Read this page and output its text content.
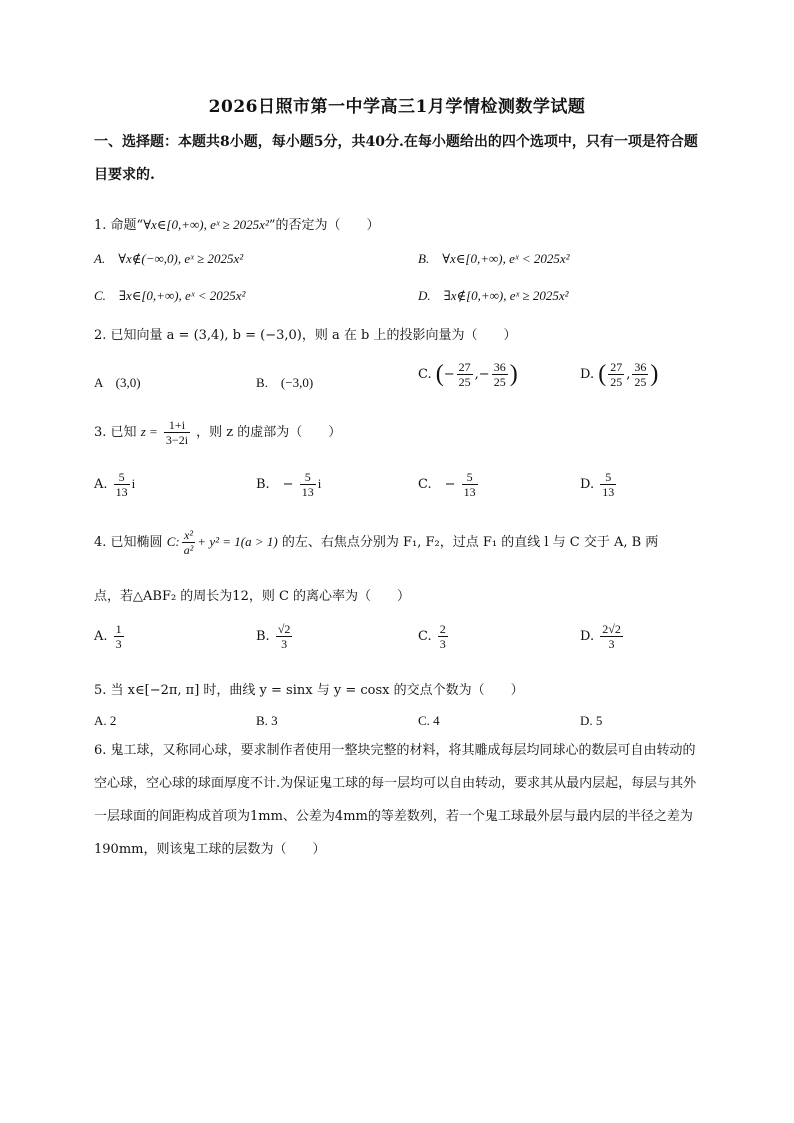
2026日照市第一中学高三1月学情检测数学试题
一、选择题：本题共8小题，每小题5分，共40分.在每小题给出的四个选项中，只有一项是符合题目要求的.
1. 命题“∀x∈[0,+∞), eˣ ≥ 2025x²”的否定为（　　）
A.　∀x∉(−∞,0), eˣ ≥ 2025x²	B.　∀x∈[0,+∞), eˣ < 2025x²
C.　∃x∈[0,+∞), eˣ < 2025x²	D.　∃x∉[0,+∞), eˣ ≥ 2025x²
2. 已知向量 a = (3,4), b = (−3,0)，则 a 在 b 上的投影向量为（　　）
A　(3,0)	B.　(−3,0)
C. (− $\frac{27}{25}$ ,− $\frac{36}{25}$ )	D. ( $\frac{27}{25}$ , $\frac{36}{25}$ )
3. 已知 $z = \frac{1+i}{3-2i}$ ，则 z 的虚部为（　　）
A. $\frac{5}{13}$ i	B.　− $\frac{5}{13}$ i	C.　− $\frac{5}{13}$	D. $\frac{5}{13}$
4. 已知椭圆 C: $\frac{\text{x²}}{\text{a²}} + y^2 = 1(a > 1)$ 的左、右焦点分别为 F₁, F₂，过点 F₁ 的直线 l 与 C 交于 A, B 两
点，若△ABF₂ 的周长为12，则 C 的离心率为（　　）
A. $\frac{1}{3}$	B. $\frac{√2}{3}$	C. $\frac{2}{3}$	D. $\frac{2√2}{3}$
5. 当 x∈[−2π, π] 时，曲线 y = sinx 与 y = cosx 的交点个数为（　　）
A. 2	B. 3	C. 4	D. 5
6. 鬼工球，又称同心球，要求制作者使用一整块完整的材料，将其雕成每层均同球心的数层可自由转动的空心球，空心球的球面厚度不计.为保证鬼工球的每一层均可以自由转动，要求其从最内层起，每层与其外一层球面的间距构成首项为1mm、公差为4mm的等差数列，若一个鬼工球最外层与最内层的半径之差为190mm，则该鬼工球的层数为（　　）
